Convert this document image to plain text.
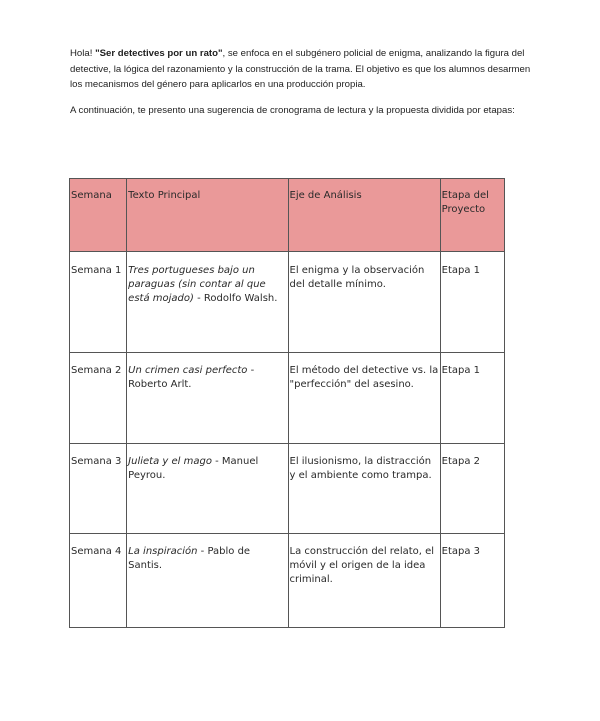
Hola! "Ser detectives por un rato", se enfoca en el subgénero policial de enigma, analizando la figura del detective, la lógica del razonamiento y la construcción de la trama. El objetivo es que los alumnos desarmen los mecanismos del género para aplicarlos en una producción propia.

A continuación, te presento una sugerencia de cronograma de lectura y la propuesta dividida por etapas:

Semana	Texto Principal	Eje de Análisis	Etapa del Proyecto
Semana 1	Tres portugueses bajo un paraguas (sin contar al que está mojado) - Rodolfo Walsh.	El enigma y la observación del detalle mínimo.	Etapa 1
Semana 2	Un crimen casi perfecto - Roberto Arlt.	El método del detective vs. la "perfección" del asesino.	Etapa 1
Semana 3	Julieta y el mago - Manuel Peyrou.	El ilusionismo, la distracción y el ambiente como trampa.	Etapa 2
Semana 4	La inspiración - Pablo de Santis.	La construcción del relato, el móvil y el origen de la idea criminal.	Etapa 3
